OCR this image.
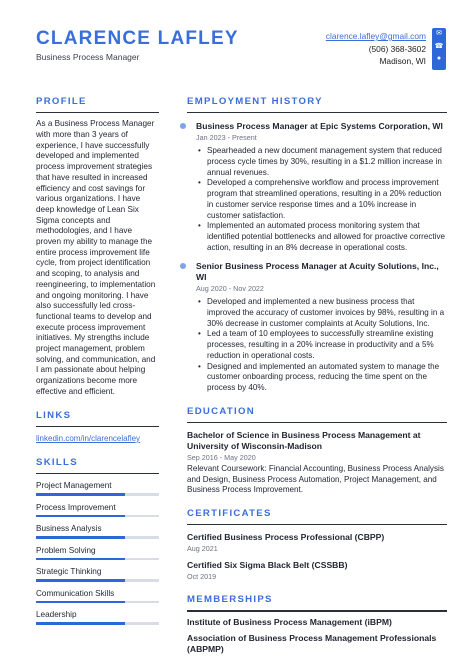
CLARENCE LAFLEY
Business Process Manager
clarence.lafley@gmail.com
(506) 368-3602
Madison, WI
✉
☎
●
PROFILE
As a Business Process Manager with more than 3 years of experience, I have successfully developed and implemented process improvement strategies that have resulted in increased efficiency and cost savings for various organizations. I have deep knowledge of Lean Six Sigma concepts and methodologies, and I have proven my ability to manage the entire process improvement life cycle, from project identification and scoping, to analysis and reengineering, to implementation and ongoing monitoring. I have also successfully led cross-functional teams to develop and execute process improvement initiatives. My strengths include project management, problem solving, and communication, and I am passionate about helping organizations become more effective and efficient.
LINKS
linkedin.com/in/clarencelafley
SKILLS
Project Management
Process Improvement
Business Analysis
Problem Solving
Strategic Thinking
Communication Skills
Leadership
EMPLOYMENT HISTORY
Business Process Manager at Epic Systems Corporation, WI
Jan 2023 - Present
• Spearheaded a new document management system that reduced process cycle times by 30%, resulting in a $1.2 million increase in annual revenues.
• Developed a comprehensive workflow and process improvement program that streamlined operations, resulting in a 20% reduction in customer service response times and a 10% increase in customer satisfaction.
• Implemented an automated process monitoring system that identified potential bottlenecks and allowed for proactive corrective action, resulting in an 8% decrease in operational costs.
Senior Business Process Manager at Acuity Solutions, Inc., WI
Aug 2020 - Nov 2022
• Developed and implemented a new business process that improved the accuracy of customer invoices by 98%, resulting in a 30% decrease in customer complaints at Acuity Solutions, Inc.
• Led a team of 10 employees to successfully streamline existing processes, resulting in a 20% increase in productivity and a 5% reduction in operational costs.
• Designed and implemented an automated system to manage the customer onboarding process, reducing the time spent on the process by 40%.
EDUCATION
Bachelor of Science in Business Process Management at University of Wisconsin-Madison
Sep 2016 - May 2020
Relevant Coursework: Financial Accounting, Business Process Analysis and Design, Business Process Automation, Project Management, and Business Process Improvement.
CERTIFICATES
Certified Business Process Professional (CBPP)
Aug 2021
Certified Six Sigma Black Belt (CSSBB)
Oct 2019
MEMBERSHIPS
Institute of Business Process Management (iBPM)
Association of Business Process Management Professionals (ABPMP)
